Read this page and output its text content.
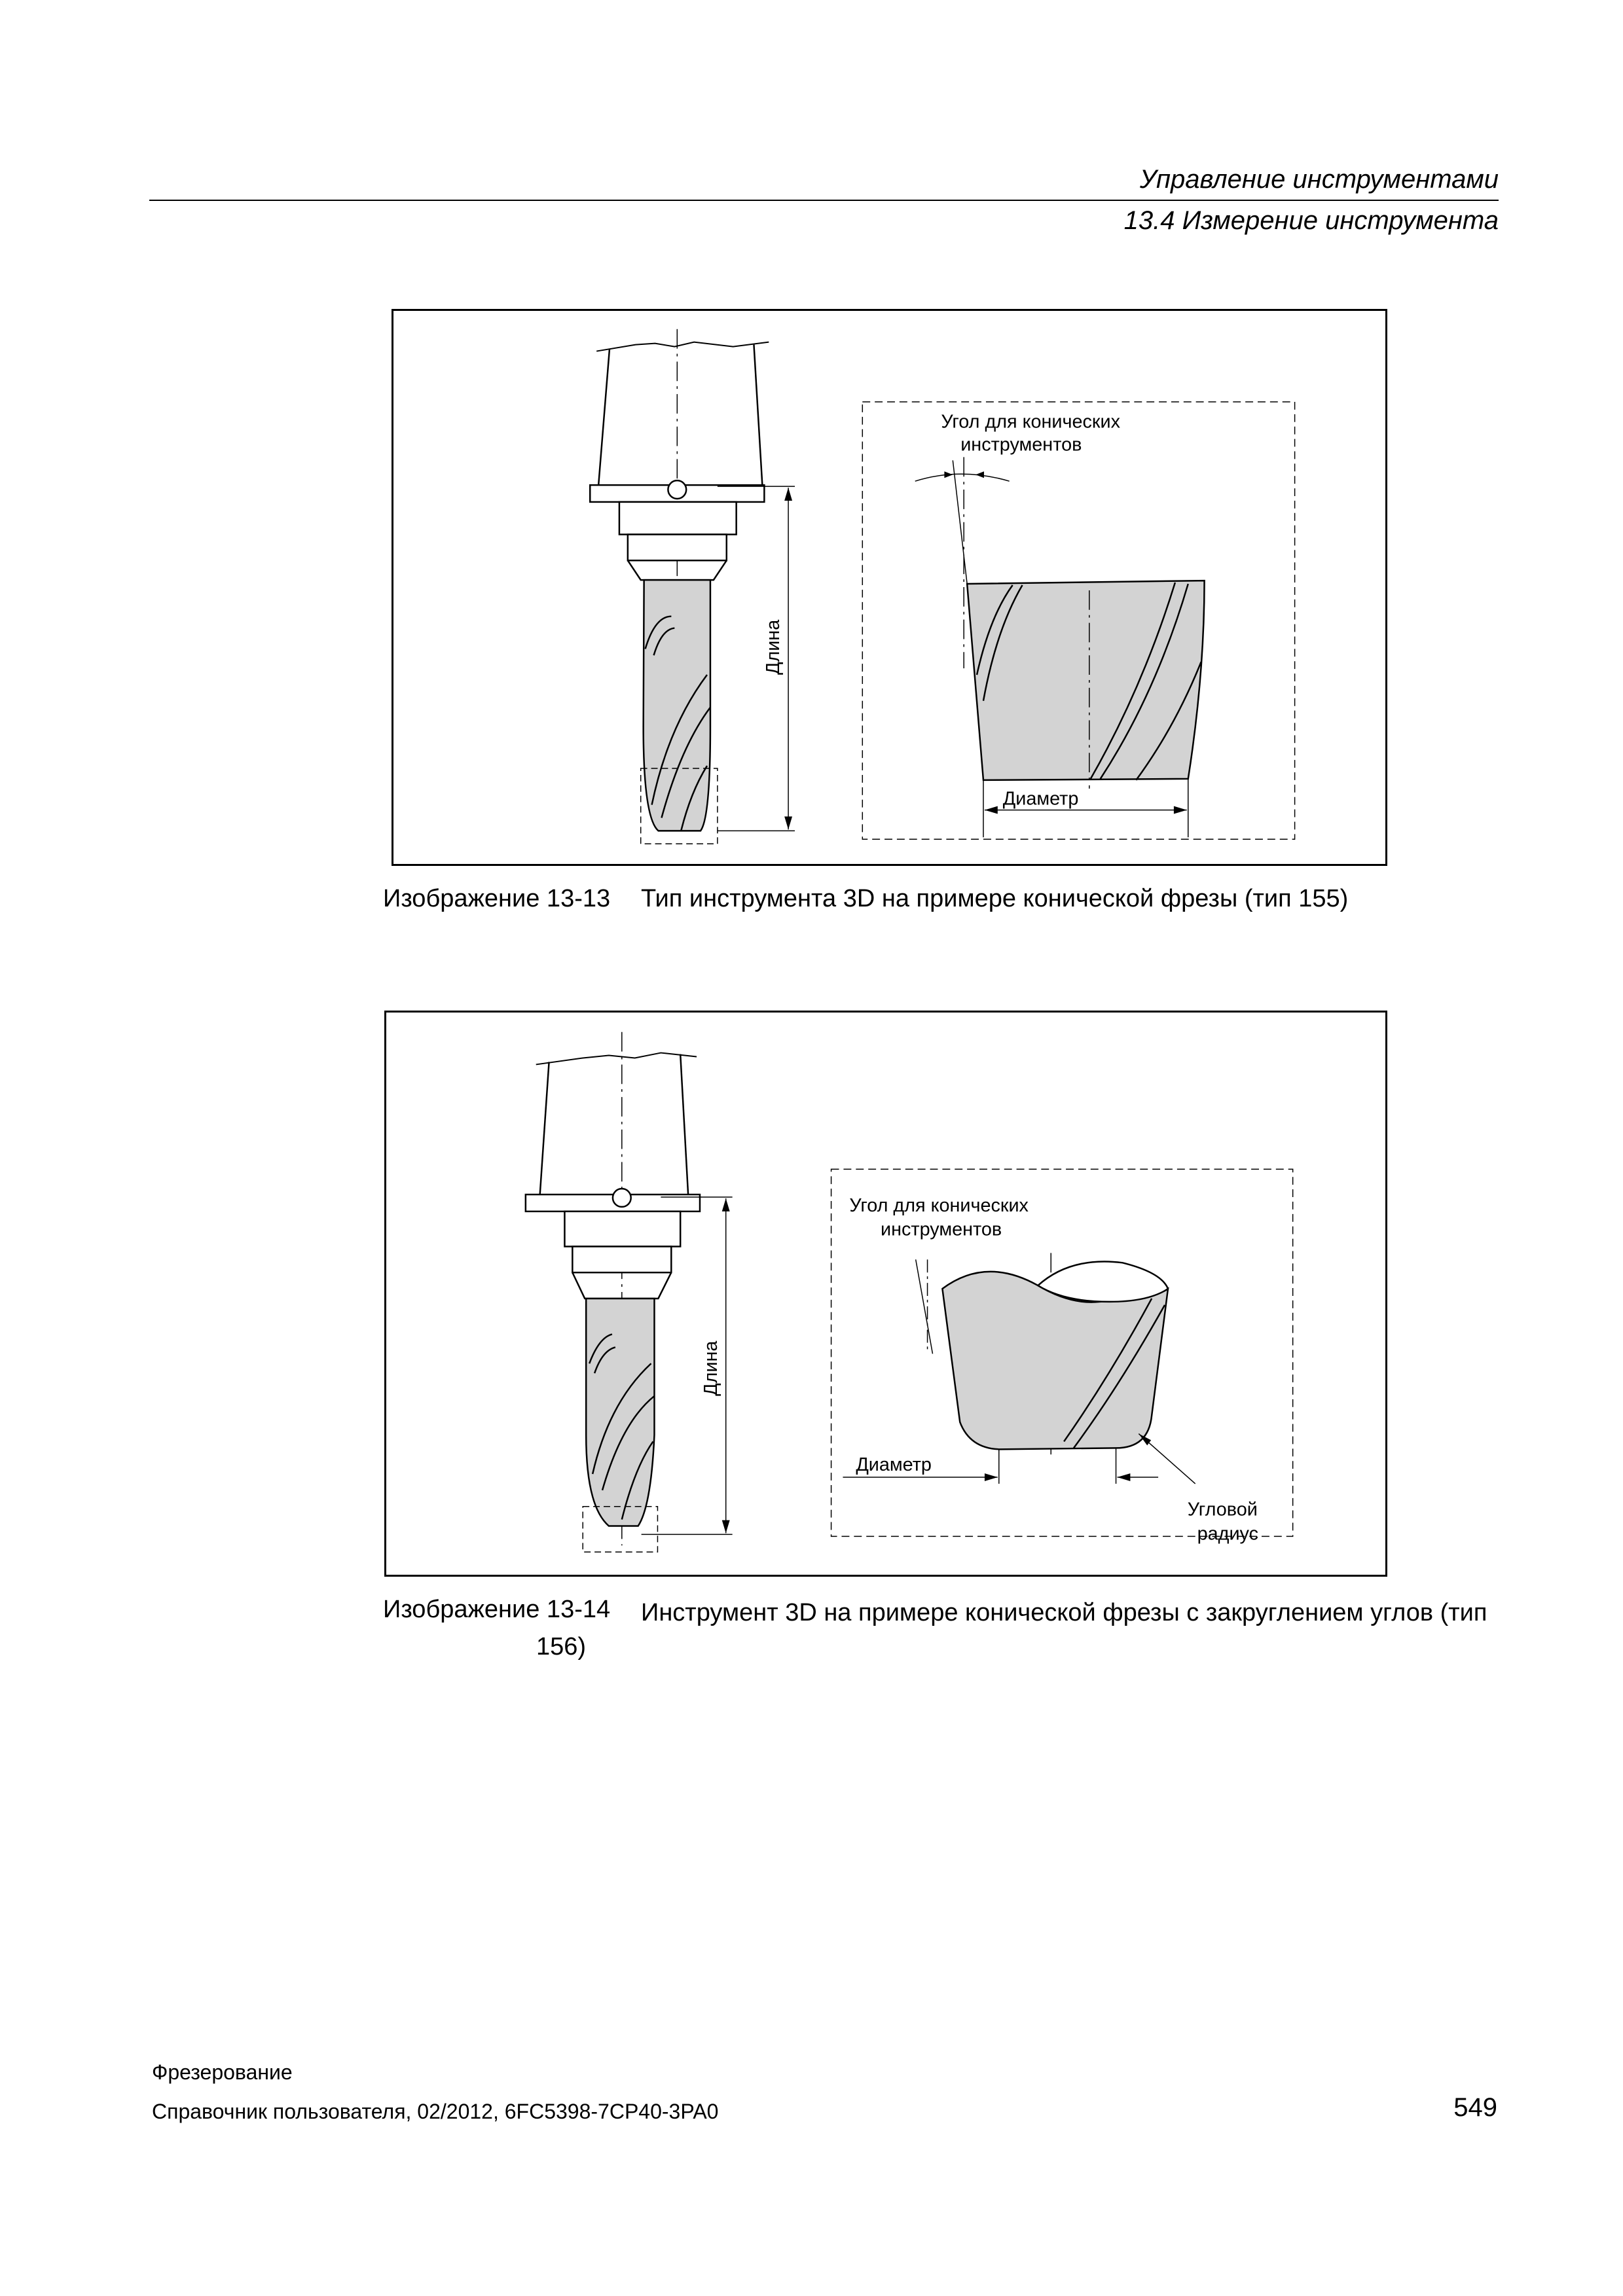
Управление инструментами
13.4 Измерение инструмента
Длина
Угол для конических
инструментов
Диаметр
Изображение 13-13 Тип инструмента 3D на примере конической фрезы (тип 155)
Длина
Угол для конических
инструментов
Диаметр
Угловой
радиус
Изображение 13-14 Инструмент 3D на примере конической фрезы с закруглением углов (тип
156)
Фрезерование
Справочник пользователя, 02/2012, 6FC5398-7CP40-3PA0	549
